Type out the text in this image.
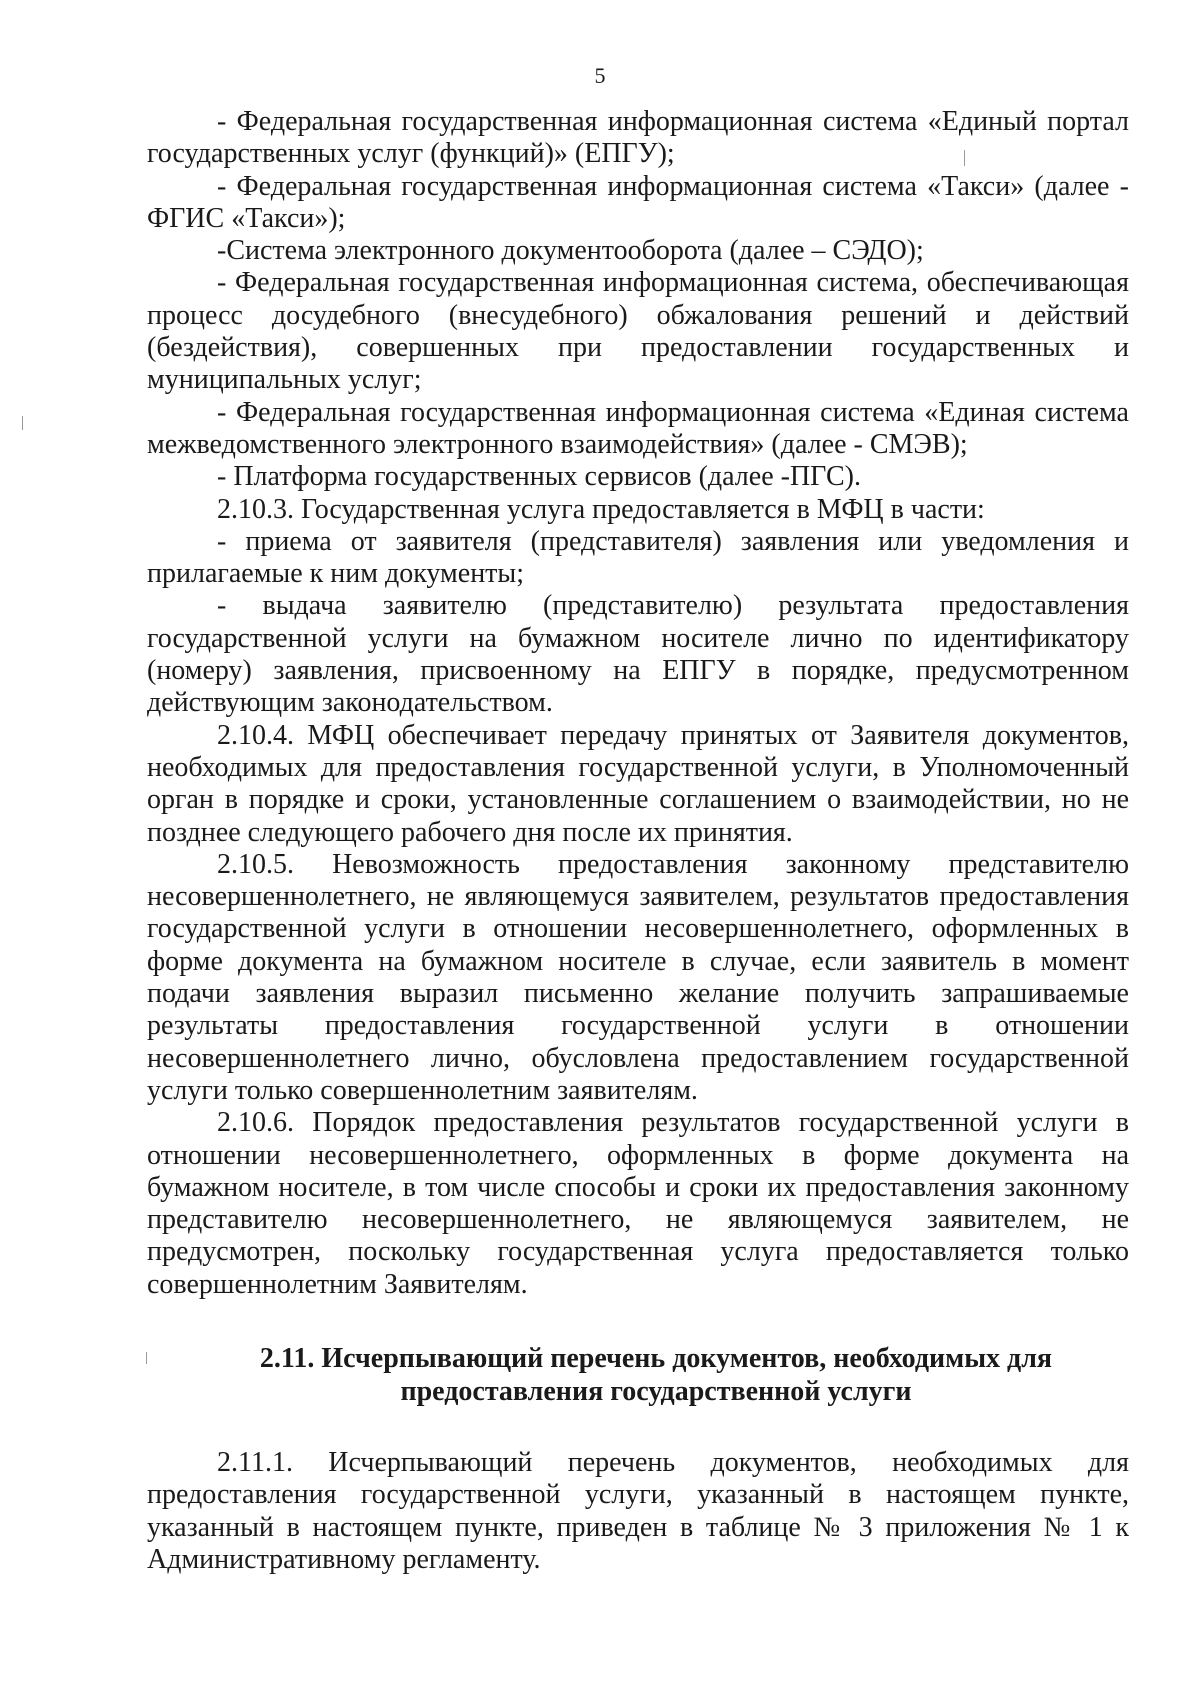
5

- Федеральная государственная информационная система «Единый портал государственных услуг (функций)» (ЕПГУ);

- Федеральная государственная информационная система «Такси» (далее - ФГИС «Такси»);

-Система электронного документооборота (далее – СЭДО);

- Федеральная государственная информационная система, обеспечивающая процесс досудебного (внесудебного) обжалования решений и действий (бездействия), совершенных при предоставлении государственных и муниципальных услуг;

- Федеральная государственная информационная система «Единая система межведомственного электронного взаимодействия» (далее - СМЭВ);

- Платформа государственных сервисов (далее -ПГС).

2.10.3. Государственная услуга предоставляется в МФЦ в части:

- приема от заявителя (представителя) заявления или уведомления и прилагаемые к ним документы;

- выдача заявителю (представителю) результата предоставления государственной услуги на бумажном носителе лично по идентификатору (номеру) заявления, присвоенному на ЕПГУ в порядке, предусмотренном действующим законодательством.

2.10.4. МФЦ обеспечивает передачу принятых от Заявителя документов, необходимых для предоставления государственной услуги, в Уполномоченный орган в порядке и сроки, установленные соглашением о взаимодействии, но не позднее следующего рабочего дня после их принятия.

2.10.5. Невозможность предоставления законному представителю несовершеннолетнего, не являющемуся заявителем, результатов предоставления государственной услуги в отношении несовершеннолетнего, оформленных в форме документа на бумажном носителе в случае, если заявитель в момент подачи заявления выразил письменно желание получить запрашиваемые результаты предоставления государственной услуги в отношении несовершеннолетнего лично, обусловлена предоставлением государственной услуги только совершеннолетним заявителям.

2.10.6. Порядок предоставления результатов государственной услуги в отношении несовершеннолетнего, оформленных в форме документа на бумажном носителе, в том числе способы и сроки их предоставления законному представителю несовершеннолетнего, не являющемуся заявителем, не предусмотрен, поскольку государственная услуга предоставляется только совершеннолетним Заявителям.

2.11. Исчерпывающий перечень документов, необходимых для
предоставления государственной услуги

2.11.1. Исчерпывающий перечень документов, необходимых для предоставления государственной услуги, указанный в настоящем пункте, указанный в настоящем пункте, приведен в таблице № 3 приложения № 1 к Административному регламенту.
